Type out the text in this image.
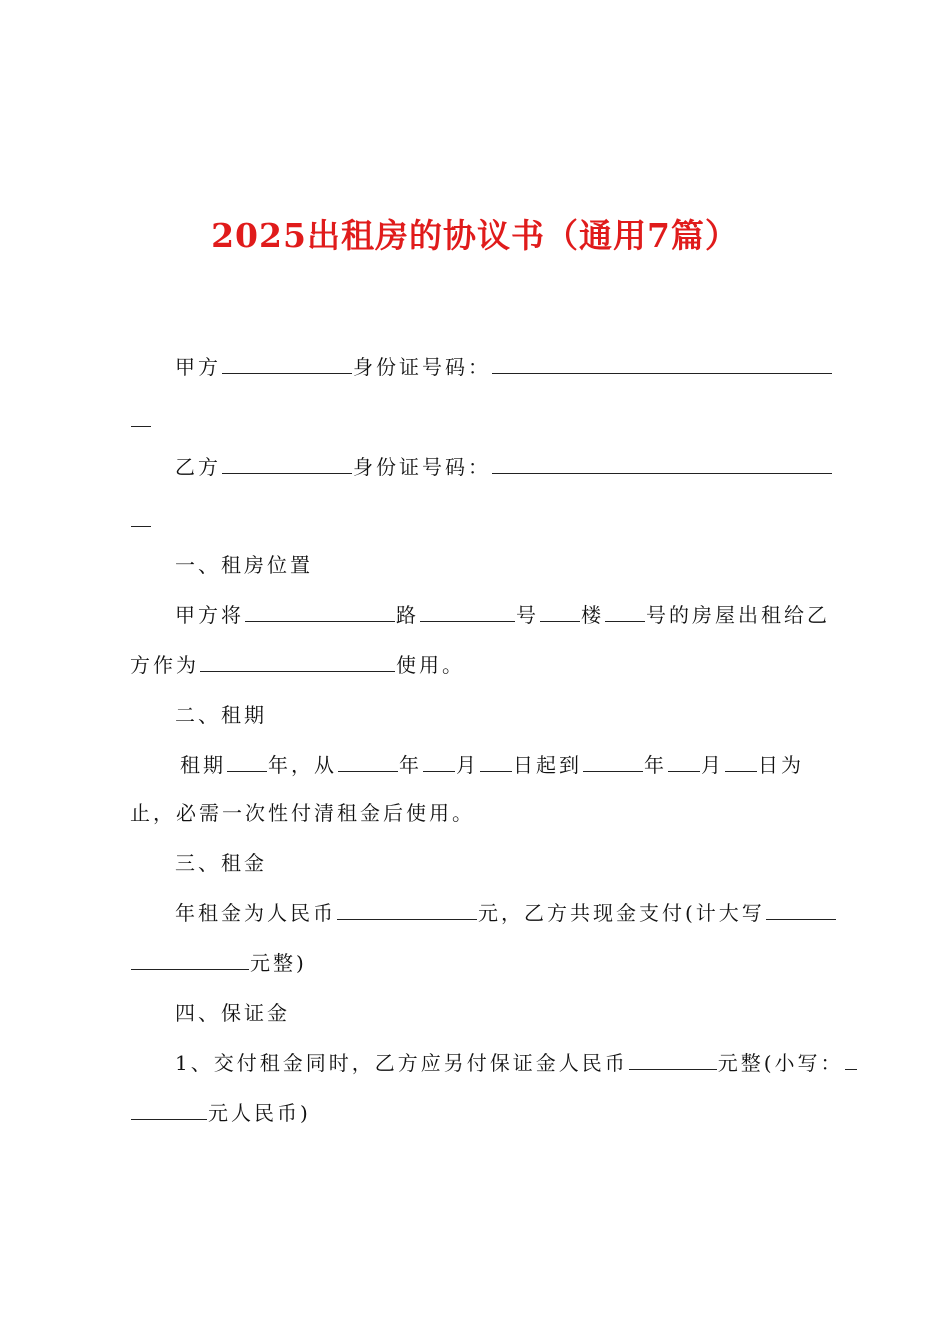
2025出租房的协议书（通用7篇）
甲方	身份证号码：
乙方	身份证号码：
一、租房位置
甲方将	路	号 楼 号的房屋出租给乙
方作为	使用。
二、租期
租期 年，从	年 月 日起到	年 月 日为
止，必需一次性付清租金后使用。
三、租金
年租金为人民币	元，乙方共现金支付(计大写
元整)
四、保证金
1、交付租金同时，乙方应另付保证金人民币	元整(小写：
元人民币)
